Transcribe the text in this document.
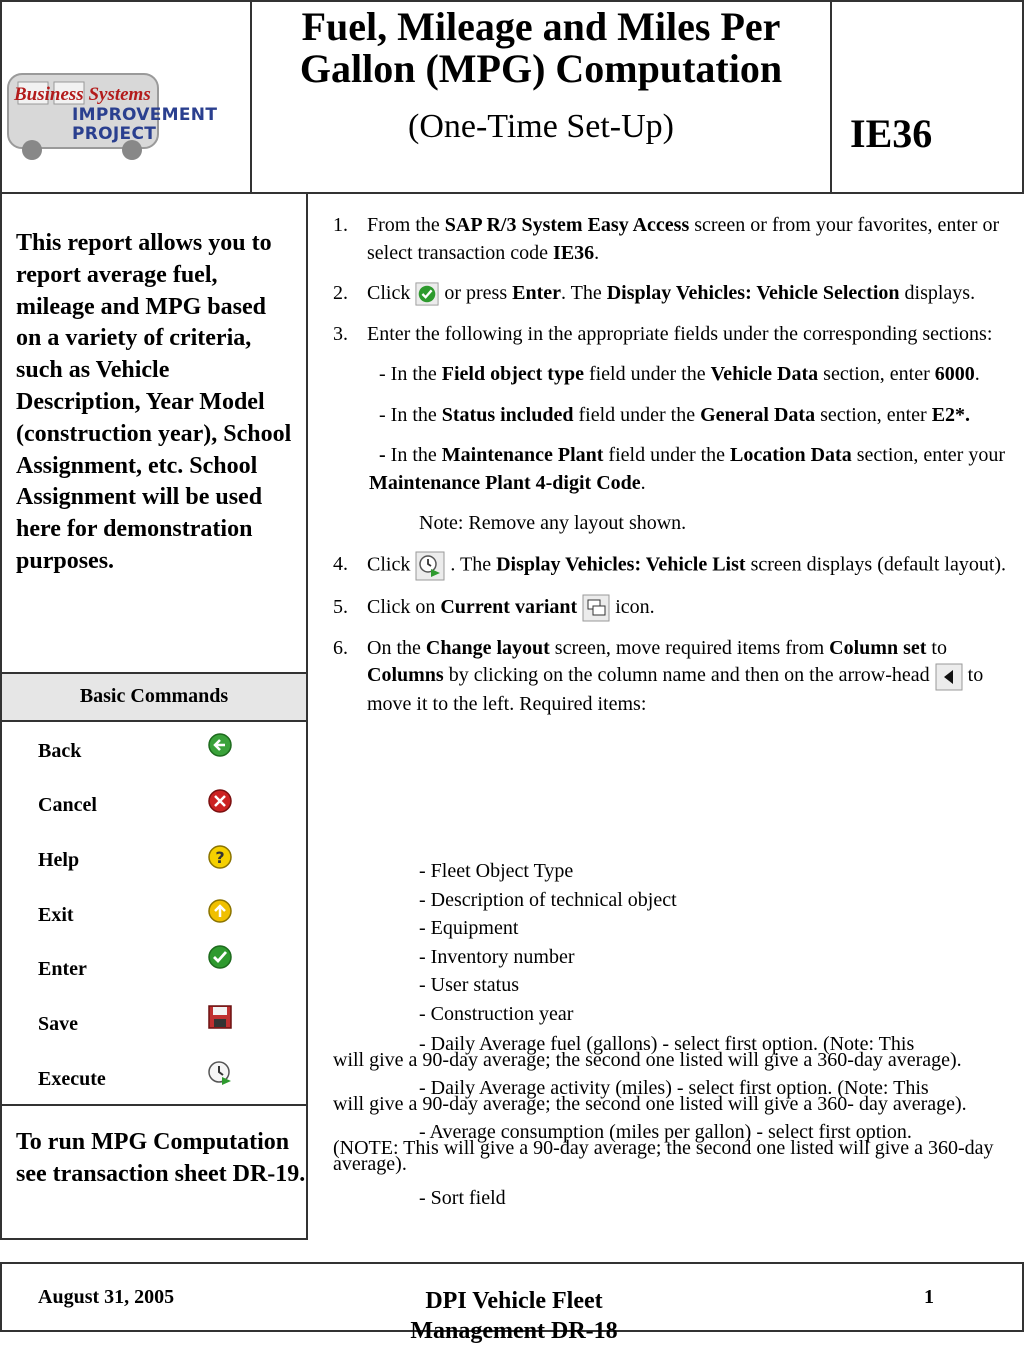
Business Systems
IMPROVEMENT
PROJECT
Fuel, Mileage and Miles Per Gallon (MPG) Computation
(One-Time Set-Up)	IE36
This report allows you to report average fuel, mileage and MPG based on a variety of criteria, such as Vehicle Description, Year Model (construction year), School Assignment, etc. School Assignment will be used here for demonstration purposes.
Basic Commands
Back
Cancel
Help	?
Exit
Enter
Save
Execute
To run MPG Computation see transaction sheet DR-19.
1. From the SAP R/3 System Easy Access screen or from your favorites, enter or select transaction code IE36.
2. Click  or press Enter. The Display Vehicles: Vehicle Selection displays.
3. Enter the following in the appropriate fields under the corresponding sections:
- In the Field object type field under the Vehicle Data section, enter 6000.
- In the Status included field under the General Data section, enter E2*.
- In the Maintenance Plant field under the Location Data section, enter your Maintenance Plant 4-digit Code.
Note: Remove any layout shown.
4. Click  . The Display Vehicles: Vehicle List screen displays (default layout).
5. Click on Current variant  icon.
6. On the Change layout screen, move required items from Column set to Columns by clicking on the column name and then on the arrow-head  to move it to the left. Required items:
- Fleet Object Type
- Description of technical object
- Equipment
- Inventory number
- User status
- Construction year
- Daily Average fuel (gallons) - select first option. (Note: This
will give a 90-day average; the second one listed will give a 360-day average).
- Daily Average activity (miles) - select first option. (Note: This
will give a 90-day average; the second one listed will give a 360- day average).
- Average consumption (miles per gallon) - select first option.
(NOTE: This will give a 90-day average; the second one listed will give a 360-day average).
- Sort field
August 31, 2005	DPI Vehicle Fleet Management DR-18
1
